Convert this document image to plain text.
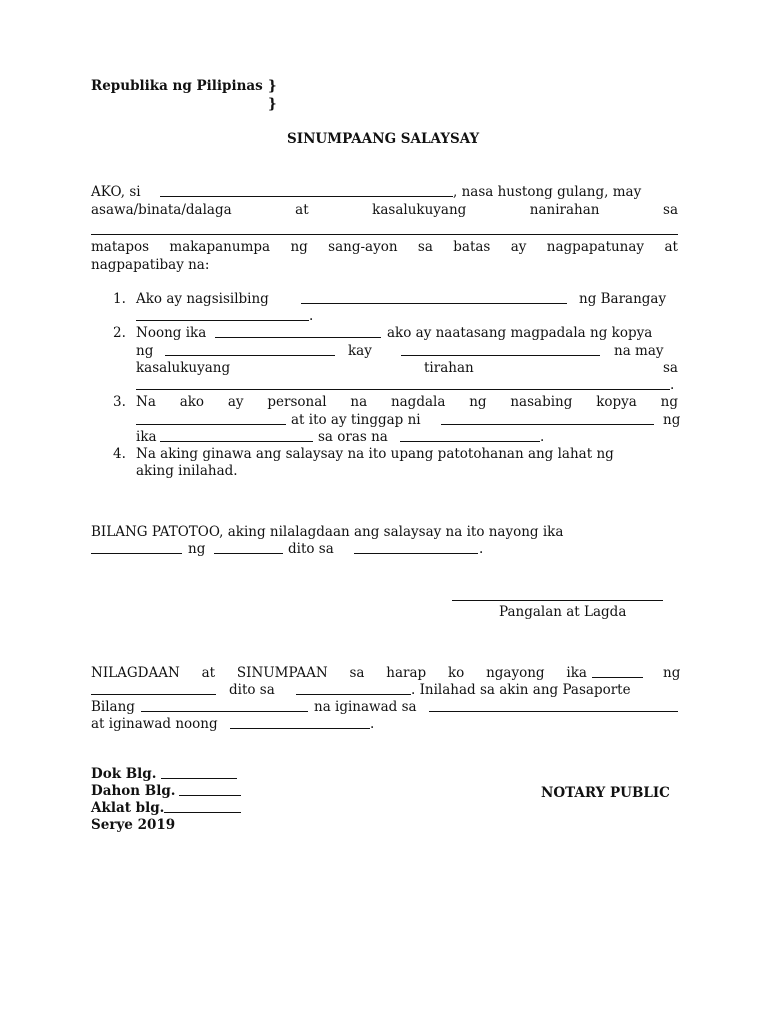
Republika ng Pilipinas }
}
SINUMPAANG SALAYSAY
AKO, si	, nasa hustong gulang, may
asawa/binata/dalaga	at	kasalukuyang	nanirahan	sa
matapos makapanumpa ng sang-ayon sa batas ay nagpapatunay at
nagpapatibay na:
1. Ako ay nagsisilbing	ng Barangay
.
2. Noong ika	ako ay naatasang magpadala ng kopya
ng	kay	na may
kasalukuyang	tirahan	sa
.
3. Na ako ay personal na nagdala ng nasabing kopya ng
at ito ay tinggap ni	ng
ika	sa oras na	.
4. Na aking ginawa ang salaysay na ito upang patotohanan ang lahat ng
aking inilahad.
BILANG PATOTOO, aking nilalagdaan ang salaysay na ito nayong ika
ng	dito sa	.
Pangalan at Lagda
NILAGDAAN at SINUMPAAN sa harap ko ngayong ika	ng
dito sa	. Inilahad sa akin ang Pasaporte
Bilang	na iginawad sa
at iginawad noong	.
Dok Blg.
Dahon Blg.
Aklat blg.
Serye 2019
NOTARY PUBLIC
